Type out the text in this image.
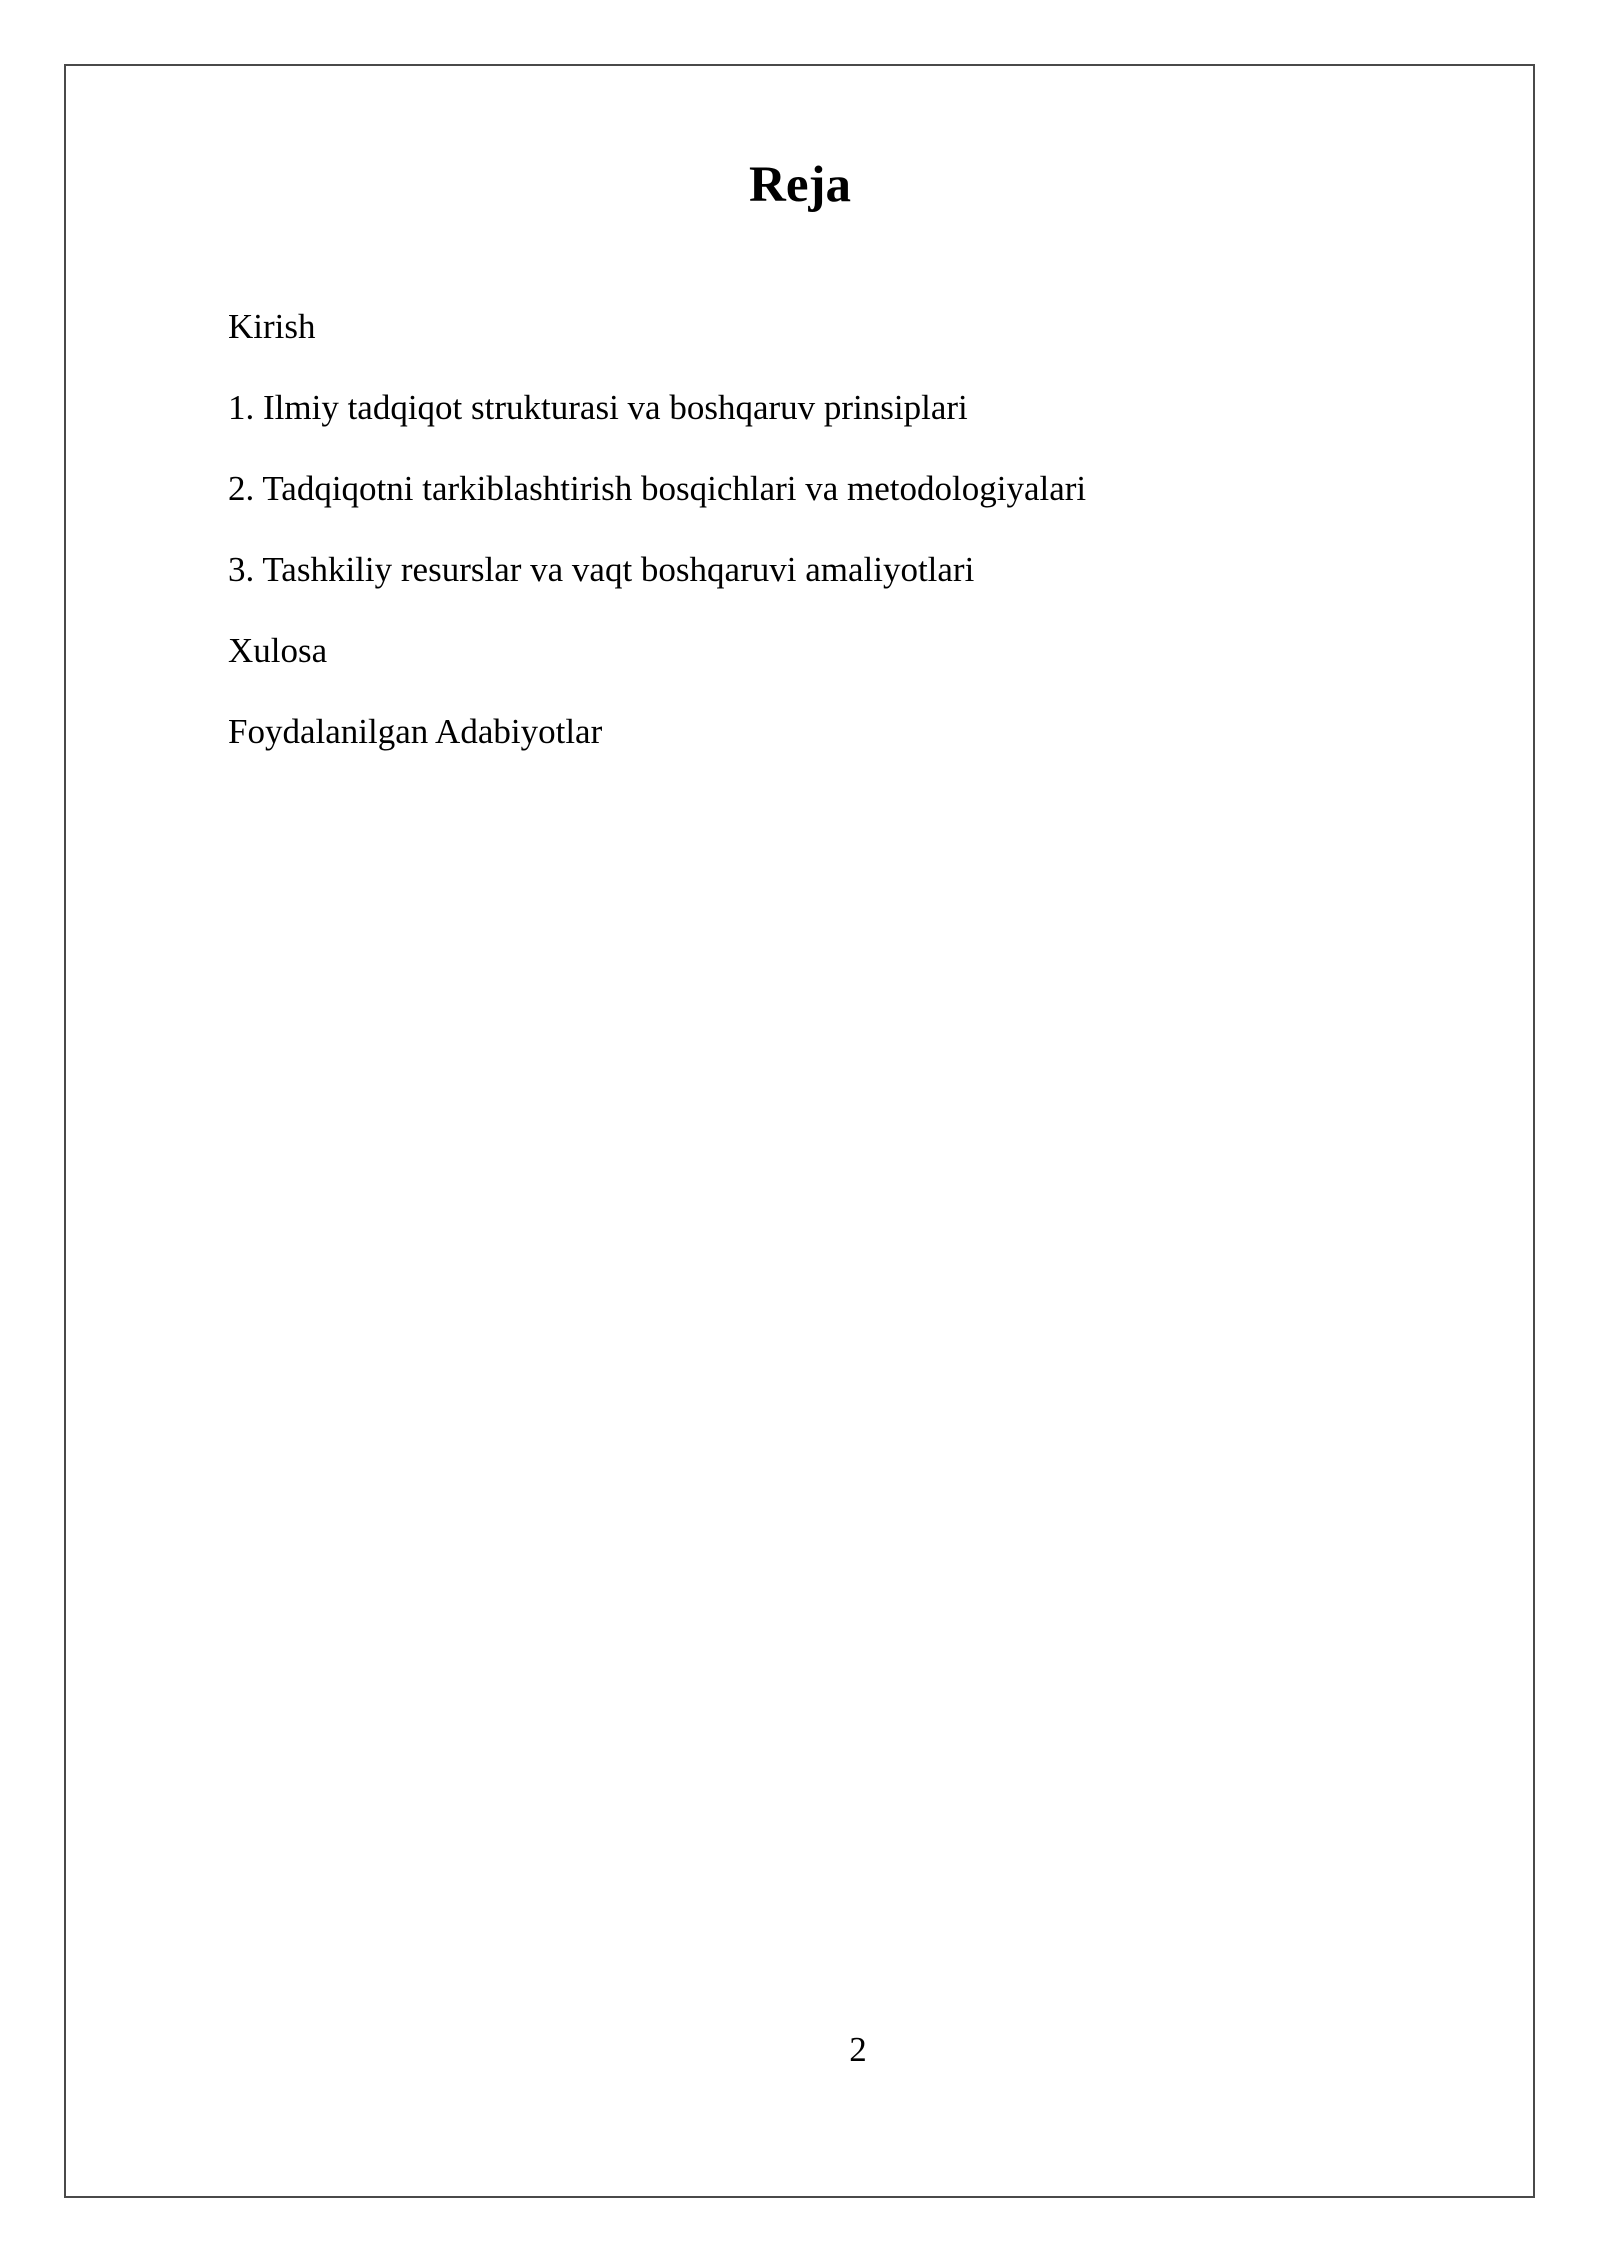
Reja
Kirish
1. Ilmiy tadqiqot strukturasi va boshqaruv prinsiplari
2. Tadqiqotni tarkiblashtirish bosqichlari va metodologiyalari
3. Tashkiliy resurslar va vaqt boshqaruvi amaliyotlari
Xulosa
Foydalanilgan Adabiyotlar
2
